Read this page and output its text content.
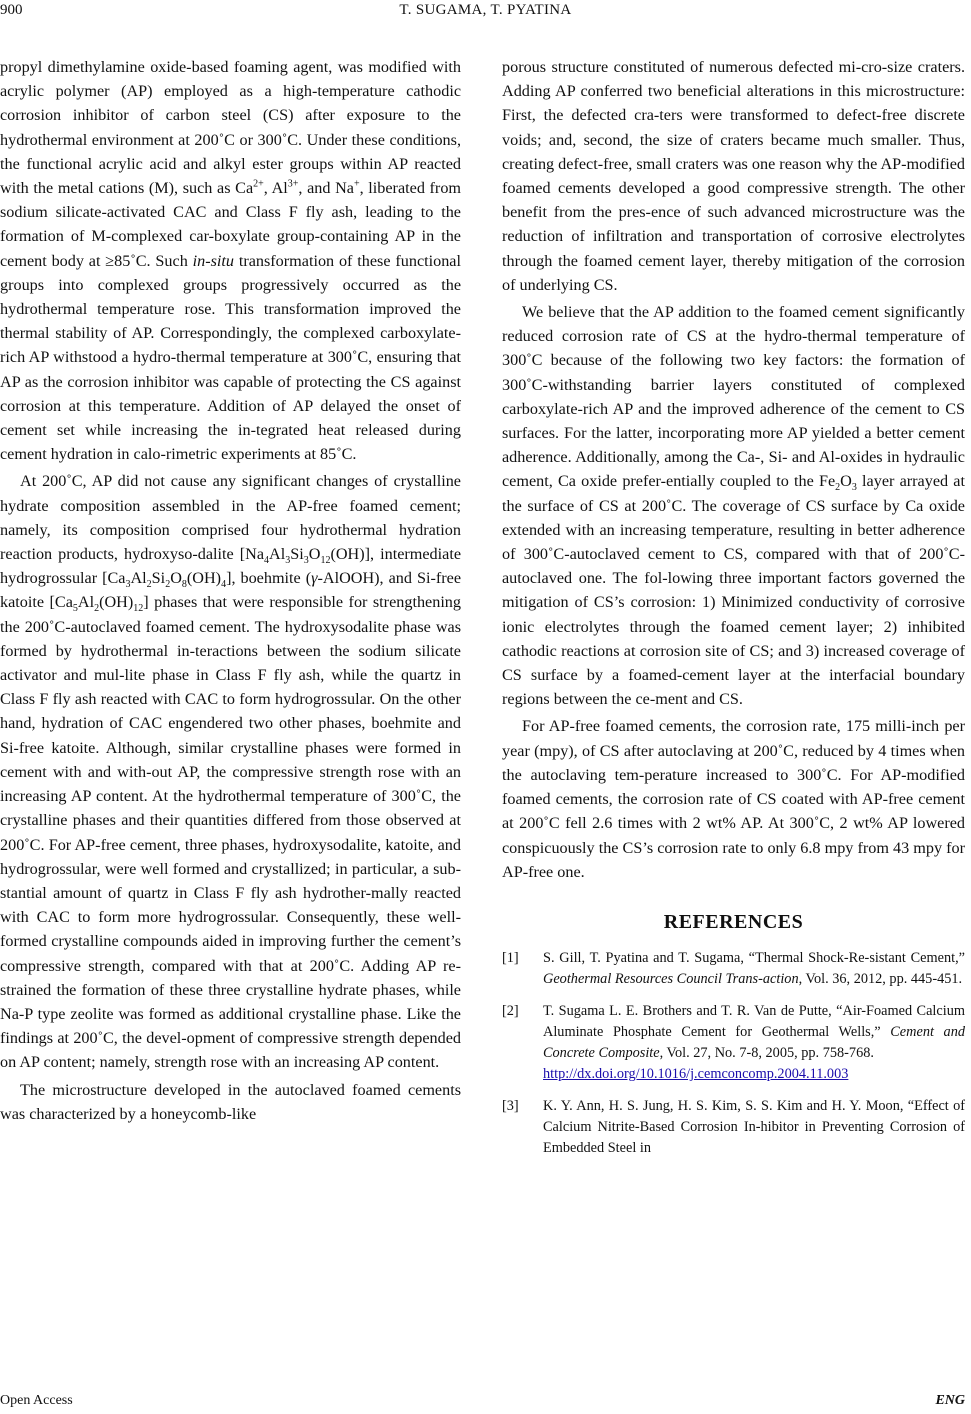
900	T. SUGAMA, T. PYATINA

propyl dimethylamine oxide-based foaming agent, was modified with acrylic polymer (AP) employed as a high-temperature cathodic corrosion inhibitor of carbon steel (CS) after exposure to the hydrothermal environment at 200˚C or 300˚C. Under these conditions, the functional acrylic acid and alkyl ester groups within AP reacted with the metal cations (M), such as $Ca^{2+}$, $Al^{3+}$, and Na+, liberated from sodium silicate-activated CAC and Class F fly ash, leading to the formation of M-complexed car-boxylate group-containing AP in the cement body at ≥85˚C. Such in-situ transformation of these functional groups into complexed groups progressively occurred as the hydrothermal temperature rose. This transformation improved the thermal stability of AP. Correspondingly, the complexed carboxylate-rich AP withstood a hydro-thermal temperature at 300˚C, ensuring that AP as the corrosion inhibitor was capable of protecting the CS against corrosion at this temperature. Addition of AP delayed the onset of cement set while increasing the in-tegrated heat released during cement hydration in calo-rimetric experiments at 85˚C.

At 200˚C, AP did not cause any significant changes of crystalline hydrate composition assembled in the AP-free foamed cement; namely, its composition comprised four hydrothermal hydration reaction products, hydroxyso-dalite $[Na_4Al_3Si_3O_{12}(OH)]$, intermediate hydrogrossular $[Ca_3Al_2Si_2O_8(OH)_4]$, boehmite (γ-AlOOH), and Si-free katoite $[Ca_5Al_2(OH)_{12}]$ phases that were responsible for strengthening the 200˚C-autoclaved foamed cement. The hydroxysodalite phase was formed by hydrothermal in-teractions between the sodium silicate activator and mul-lite phase in Class F fly ash, while the quartz in Class F fly ash reacted with CAC to form hydrogrossular. On the other hand, hydration of CAC engendered two other phases, boehmite and Si-free katoite. Although, similar crystalline phases were formed in cement with and with-out AP, the compressive strength rose with an increasing AP content. At the hydrothermal temperature of 300˚C, the crystalline phases and their quantities differed from those observed at 200˚C. For AP-free cement, three phases, hydroxysodalite, katoite, and hydrogrossular, were well formed and crystallized; in particular, a sub-stantial amount of quartz in Class F fly ash hydrother-mally reacted with CAC to form more hydrogrossular. Consequently, these well-formed crystalline compounds aided in improving further the cement’s compressive strength, compared with that at 200˚C. Adding AP re-strained the formation of these three crystalline hydrate phases, while Na-P type zeolite was formed as additional crystalline phase. Like the findings at 200˚C, the devel-opment of compressive strength depended on AP content; namely, strength rose with an increasing AP content.

The microstructure developed in the autoclaved foamed cements was characterized by a honeycomb-like

porous structure constituted of numerous defected mi-cro-size craters. Adding AP conferred two beneficial alterations in this microstructure: First, the defected cra-ters were transformed to defect-free discrete voids; and, second, the size of craters became much smaller. Thus, creating defect-free, small craters was one reason why the AP-modified foamed cements developed a good compressive strength. The other benefit from the pres-ence of such advanced microstructure was the reduction of infiltration and transportation of corrosive electrolytes through the foamed cement layer, thereby mitigation of the corrosion of underlying CS.

We believe that the AP addition to the foamed cement significantly reduced corrosion rate of CS at the hydro-thermal temperature of 300˚C because of the following two key factors: the formation of 300˚C-withstanding barrier layers constituted of complexed carboxylate-rich AP and the improved adherence of the cement to CS surfaces. For the latter, incorporating more AP yielded a better cement adherence. Additionally, among the Ca-, Si- and Al-oxides in hydraulic cement, Ca oxide prefer-entially coupled to the $Fe_2O_3$ layer arrayed at the surface of CS at 200˚C. The coverage of CS surface by Ca oxide extended with an increasing temperature, resulting in better adherence of 300˚C-autoclaved cement to CS, compared with that of 200˚C-autoclaved one. The fol-lowing three important factors governed the mitigation of CS’s corrosion: 1) Minimized conductivity of corrosive ionic electrolytes through the foamed cement layer; 2) inhibited cathodic reactions at corrosion site of CS; and 3) increased coverage of CS surface by a foamed-cement layer at the interfacial boundary regions between the ce-ment and CS.

For AP-free foamed cements, the corrosion rate, 175 milli-inch per year (mpy), of CS after autoclaving at 200˚C, reduced by 4 times when the autoclaving tem-perature increased to 300˚C. For AP-modified foamed cements, the corrosion rate of CS coated with AP-free cement at 200˚C fell 2.6 times with 2 wt% AP. At 300˚C, 2 wt% AP lowered conspicuously the CS’s corrosion rate to only 6.8 mpy from 43 mpy for AP-free one.

REFERENCES
[1]	S. Gill, T. Pyatina and T. Sugama, “Thermal Shock-Re-sistant Cement,” Geothermal Resources Council Trans-action, Vol. 36, 2012, pp. 445-451.
[2]	T. Sugama L. E. Brothers and T. R. Van de Putte, “Air-Foamed Calcium Aluminate Phosphate Cement for Geothermal Wells,” Cement and Concrete Composite, Vol. 27, No. 7-8, 2005, pp. 758-768.
http://dx.doi.org/10.1016/j.cemconcomp.2004.11.003
[3]	K. Y. Ann, H. S. Jung, H. S. Kim, S. S. Kim and H. Y. Moon, “Effect of Calcium Nitrite-Based Corrosion In-hibitor in Preventing Corrosion of Embedded Steel in
Open Access	ENG
